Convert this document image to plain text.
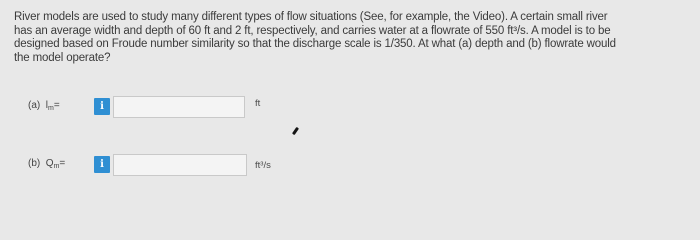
River models are used to study many different types of flow situations (See, for example, the Video). A certain small river
has an average width and depth of 60 ft and 2 ft, respectively, and carries water at a flowrate of 550 ft³/s. A model is to be
designed based on Froude number similarity so that the discharge scale is 1/350. At what (a) depth and (b) flowrate would
the model operate?
(a) $l_m=$	i	ft
(b) $Q_m=$	i	ft³/s
